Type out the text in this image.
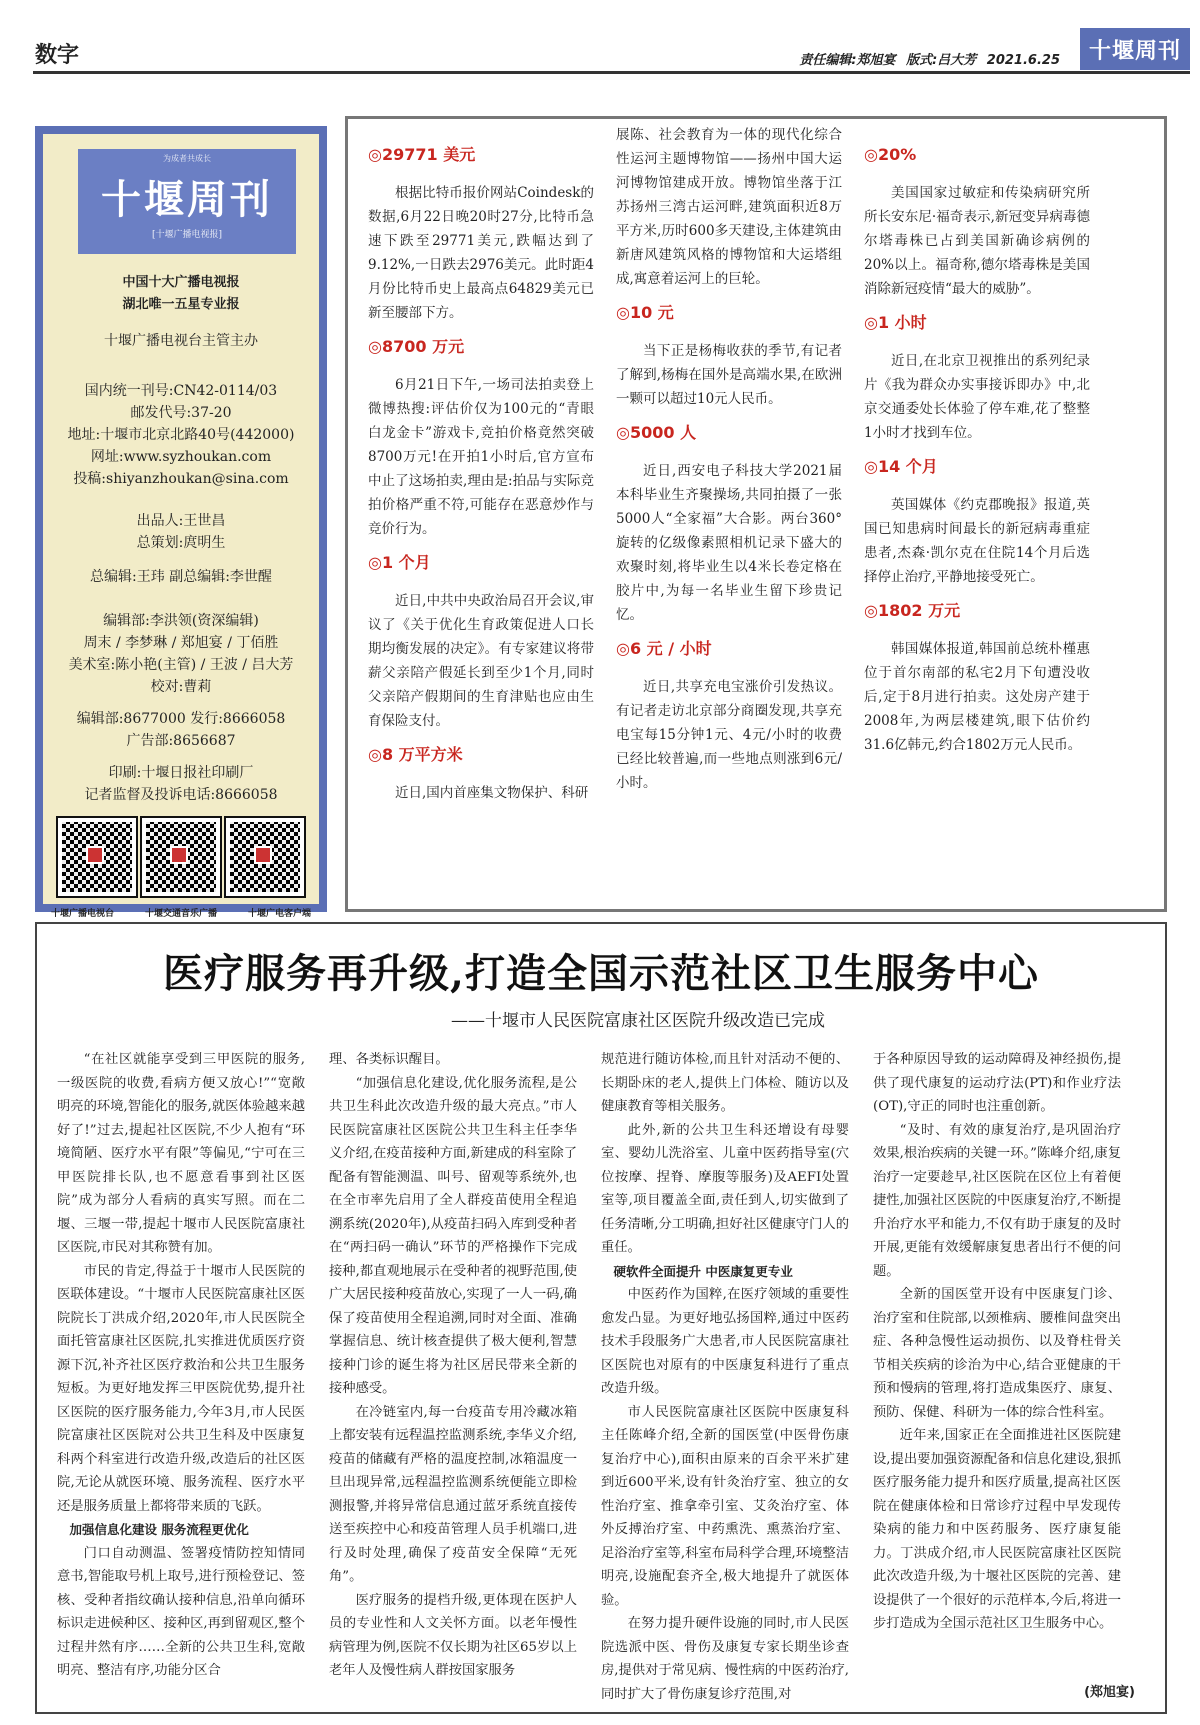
数字	责任编辑:郑旭宴 版式:吕大芳 2021.6.25	十堰周刊
为成者共成长
十堰周刊
[十堰广播电视报]
中国十大广播电视报
湖北唯一五星专业报
十堰广播电视台主管主办
国内统一刊号:CN42-0114/03
邮发代号:37-20
地址:十堰市北京北路40号(442000)
网址:www.syzhoukan.com
投稿:shiyanzhoukan@sina.com
出品人:王世昌
总策划:庹明生
总编辑:王玮 副总编辑:李世醒
编辑部:李洪领(资深编辑)
周末 / 李梦琳 / 郑旭宴 / 丁佰胜
美术室:陈小艳(主管) / 王波 / 吕大芳
校对:曹莉
编辑部:8677000 发行:8666058
广告部:8656687
印刷:十堰日报社印刷厂
记者监督及投诉电话:8666058
十堰广播电视台	十堰交通音乐广播	十堰广电客户端
◎29771 美元

根据比特币报价网站Coindesk的数据,6月22日晚20时27分,比特币急速下跌至29771美元,跌幅达到了9.12%,一日跌去2976美元。此时距4月份比特币史上最高点64829美元已新至腰部下方。

◎8700 万元

6月21日下午,一场司法拍卖登上微博热搜:评估价仅为100元的“青眼白龙金卡”游戏卡,竞拍价格竟然突破8700万元!在开拍1小时后,官方宣布中止了这场拍卖,理由是:拍品与实际竞拍价格严重不符,可能存在恶意炒作与竞价行为。

◎1 个月

近日,中共中央政治局召开会议,审议了《关于优化生育政策促进人口长期均衡发展的决定》。有专家建议将带薪父亲陪产假延长到至少1个月,同时父亲陪产假期间的生育津贴也应由生育保险支付。

◎8 万平方米

近日,国内首座集文物保护、科研

展陈、社会教育为一体的现代化综合性运河主题博物馆——扬州中国大运河博物馆建成开放。博物馆坐落于江苏扬州三湾古运河畔,建筑面积近8万平方米,历时600多天建设,主体建筑由新唐风建筑风格的博物馆和大运塔组成,寓意着运河上的巨轮。

◎10 元

当下正是杨梅收获的季节,有记者了解到,杨梅在国外是高端水果,在欧洲一颗可以超过10元人民币。

◎5000 人

近日,西安电子科技大学2021届本科毕业生齐聚操场,共同拍摄了一张5000人“全家福”大合影。两台360°旋转的亿级像素照相机记录下盛大的欢聚时刻,将毕业生以4米长卷定格在胶片中,为每一名毕业生留下珍贵记忆。

◎6 元 / 小时

近日,共享充电宝涨价引发热议。有记者走访北京部分商圈发现,共享充电宝每15分钟1元、4元/小时的收费已经比较普遍,而一些地点则涨到6元/小时。

◎20%

美国国家过敏症和传染病研究所所长安东尼·福奇表示,新冠变异病毒德尔塔毒株已占到美国新确诊病例的20%以上。福奇称,德尔塔毒株是美国消除新冠疫情“最大的威胁”。

◎1 小时

近日,在北京卫视推出的系列纪录片《我为群众办实事接诉即办》中,北京交通委处长体验了停车难,花了整整1小时才找到车位。

◎14 个月

英国媒体《约克郡晚报》报道,英国已知患病时间最长的新冠病毒重症患者,杰森·凯尔克在住院14个月后选择停止治疗,平静地接受死亡。

◎1802 万元

韩国媒体报道,韩国前总统朴槿惠位于首尔南部的私宅2月下旬遭没收后,定于8月进行拍卖。这处房产建于2008年,为两层楼建筑,眼下估价约31.6亿韩元,约合1802万元人民币。

医疗服务再升级,打造全国示范社区卫生服务中心
——十堰市人民医院富康社区医院升级改造已完成

“在社区就能享受到三甲医院的服务,一级医院的收费,看病方便又放心!”“宽敞明亮的环境,智能化的服务,就医体验越来越好了!”过去,提起社区医院,不少人抱有“环境简陋、医疗水平有限”等偏见,“宁可在三甲医院排长队,也不愿意看事到社区医院”成为部分人看病的真实写照。而在二堰、三堰一带,提起十堰市人民医院富康社区医院,市民对其称赞有加。

市民的肯定,得益于十堰市人民医院的医联体建设。“十堰市人民医院富康社区医院院长丁洪成介绍,2020年,市人民医院全面托管富康社区医院,扎实推进优质医疗资源下沉,补齐社区医疗救治和公共卫生服务短板。为更好地发挥三甲医院优势,提升社区医院的医疗服务能力,今年3月,市人民医院富康社区医院对公共卫生科及中医康复科两个科室进行改造升级,改造后的社区医院,无论从就医环境、服务流程、医疗水平还是服务质量上都将带来质的飞跃。

加强信息化建设 服务流程更优化

门口自动测温、签署疫情防控知情同意书,智能取号机上取号,进行预检登记、签核、受种者指纹确认接种信息,沿单向循环标识走进候种区、接种区,再到留观区,整个过程井然有序……全新的公共卫生科,宽敞明亮、整洁有序,功能分区合

理、各类标识醒目。

“加强信息化建设,优化服务流程,是公共卫生科此次改造升级的最大亮点。”市人民医院富康社区医院公共卫生科主任李华义介绍,在疫苗接种方面,新建成的科室除了配备有智能测温、叫号、留观等系统外,也在全市率先启用了全人群疫苗使用全程追溯系统(2020年),从疫苗扫码入库到受种者在“两扫码一确认”环节的严格操作下完成接种,都直观地展示在受种者的视野范围,使广大居民接种疫苗放心,实现了一人一码,确保了疫苗使用全程追溯,同时对全面、准确掌握信息、统计核查提供了极大便利,智慧接种门诊的诞生将为社区居民带来全新的接种感受。

在冷链室内,每一台疫苗专用冷藏冰箱上都安装有远程温控监测系统,李华义介绍,疫苗的储藏有严格的温度控制,冰箱温度一旦出现异常,远程温控监测系统便能立即检测报警,并将异常信息通过蓝牙系统直接传送至疾控中心和疫苗管理人员手机端口,进行及时处理,确保了疫苗安全保障“无死角”。

医疗服务的提档升级,更体现在医护人员的专业性和人文关怀方面。以老年慢性病管理为例,医院不仅长期为社区65岁以上老年人及慢性病人群按国家服务

规范进行随访体检,而且针对活动不便的、长期卧床的老人,提供上门体检、随访以及健康教育等相关服务。

此外,新的公共卫生科还增设有母婴室、婴幼儿洗浴室、儿童中医药指导室(穴位按摩、捏脊、摩腹等服务)及AEFI处置室等,项目覆盖全面,责任到人,切实做到了任务清晰,分工明确,担好社区健康守门人的重任。

硬软件全面提升 中医康复更专业

中医药作为国粹,在医疗领域的重要性愈发凸显。为更好地弘扬国粹,通过中医药技术手段服务广大患者,市人民医院富康社区医院也对原有的中医康复科进行了重点改造升级。

市人民医院富康社区医院中医康复科主任陈峰介绍,全新的国医堂(中医骨伤康复治疗中心),面积由原来的百余平米扩建到近600平米,设有针灸治疗室、独立的女性治疗室、推拿牵引室、艾灸治疗室、体外反搏治疗室、中药熏洗、熏蒸治疗室、足浴治疗室等,科室布局科学合理,环境整洁明亮,设施配套齐全,极大地提升了就医体验。

在努力提升硬件设施的同时,市人民医院选派中医、骨伤及康复专家长期坐诊查房,提供对于常见病、慢性病的中医药治疗,同时扩大了骨伤康复诊疗范围,对

于各种原因导致的运动障碍及神经损伤,提供了现代康复的运动疗法(PT)和作业疗法(OT),守正的同时也注重创新。

“及时、有效的康复治疗,是巩固治疗效果,根治疾病的关键一环。”陈峰介绍,康复治疗一定要趁早,社区医院在区位上有着便捷性,加强社区医院的中医康复治疗,不断提升治疗水平和能力,不仅有助于康复的及时开展,更能有效缓解康复患者出行不便的问题。

全新的国医堂开设有中医康复门诊、治疗室和住院部,以颈椎病、腰椎间盘突出症、各种急慢性运动损伤、以及脊柱骨关节相关疾病的诊治为中心,结合亚健康的干预和慢病的管理,将打造成集医疗、康复、预防、保健、科研为一体的综合性科室。

近年来,国家正在全面推进社区医院建设,提出要加强资源配备和信息化建设,狠抓医疗服务能力提升和医疗质量,提高社区医院在健康体检和日常诊疗过程中早发现传染病的能力和中医药服务、医疗康复能力。丁洪成介绍,市人民医院富康社区医院此次改造升级,为十堰社区医院的完善、建设提供了一个很好的示范样本,今后,将进一步打造成为全国示范社区卫生服务中心。

(郑旭宴)
